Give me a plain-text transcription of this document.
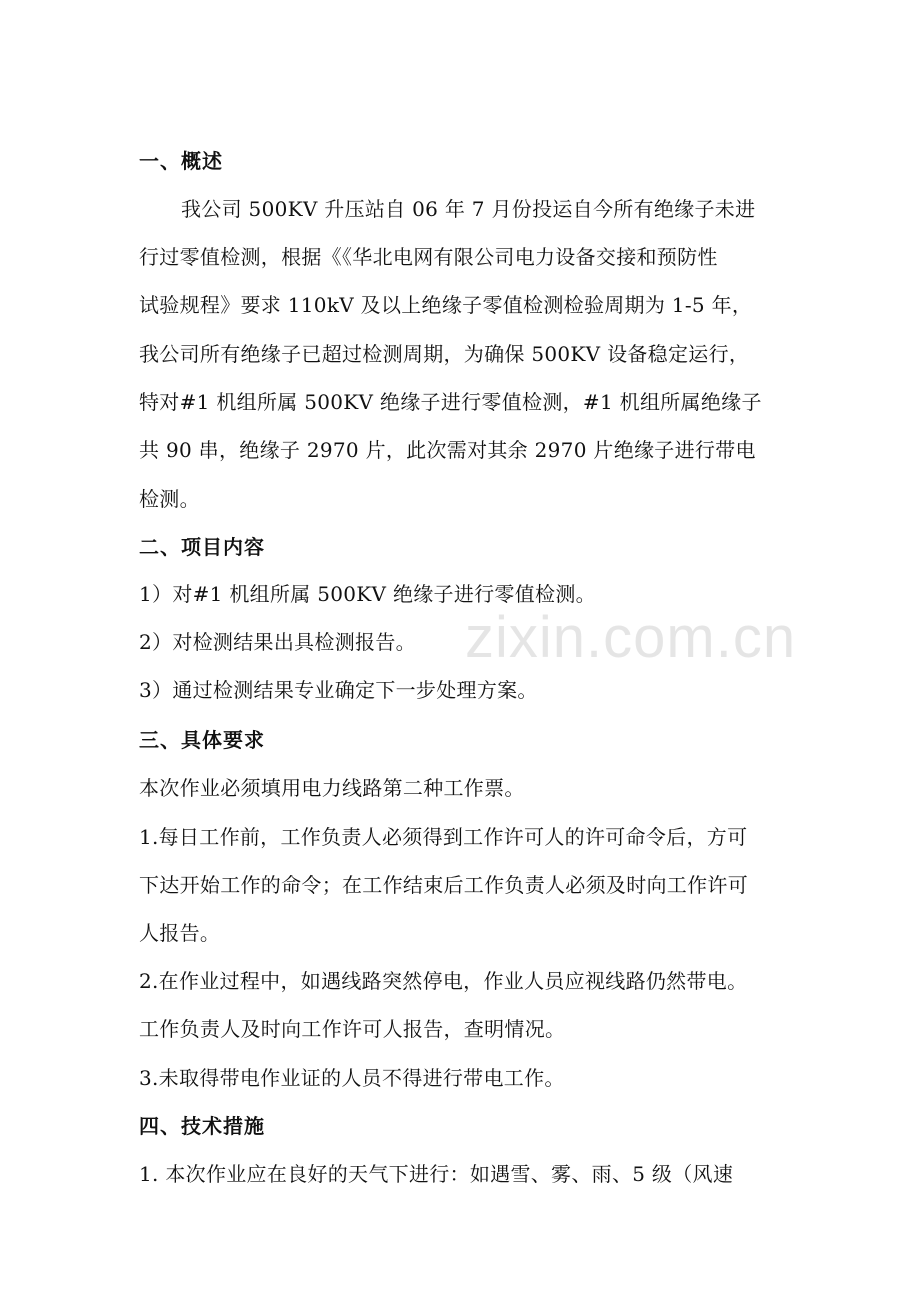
一、概述
我公司 500KV 升压站自 06 年 7 月份投运自今所有绝缘子未进
行过零值检测，根据《《华北电网有限公司电力设备交接和预防性
试验规程》要求 110kV 及以上绝缘子零值检测检验周期为 1-5 年，
我公司所有绝缘子已超过检测周期，为确保 500KV 设备稳定运行，
特对#1 机组所属 500KV 绝缘子进行零值检测，#1 机组所属绝缘子
共 90 串，绝缘子 2970 片，此次需对其余 2970 片绝缘子进行带电
检测。
二、项目内容
1）对#1 机组所属 500KV 绝缘子进行零值检测。
2）对检测结果出具检测报告。
3）通过检测结果专业确定下一步处理方案。
三、具体要求
本次作业必须填用电力线路第二种工作票。
1.每日工作前，工作负责人必须得到工作许可人的许可命令后，方可
下达开始工作的命令；在工作结束后工作负责人必须及时向工作许可
人报告。
2.在作业过程中，如遇线路突然停电，作业人员应视线路仍然带电。
工作负责人及时向工作许可人报告，查明情况。
3.未取得带电作业证的人员不得进行带电工作。
四、技术措施
1. 本次作业应在良好的天气下进行：如遇雪、雾、雨、5 级（风速
zixin.com.cn
